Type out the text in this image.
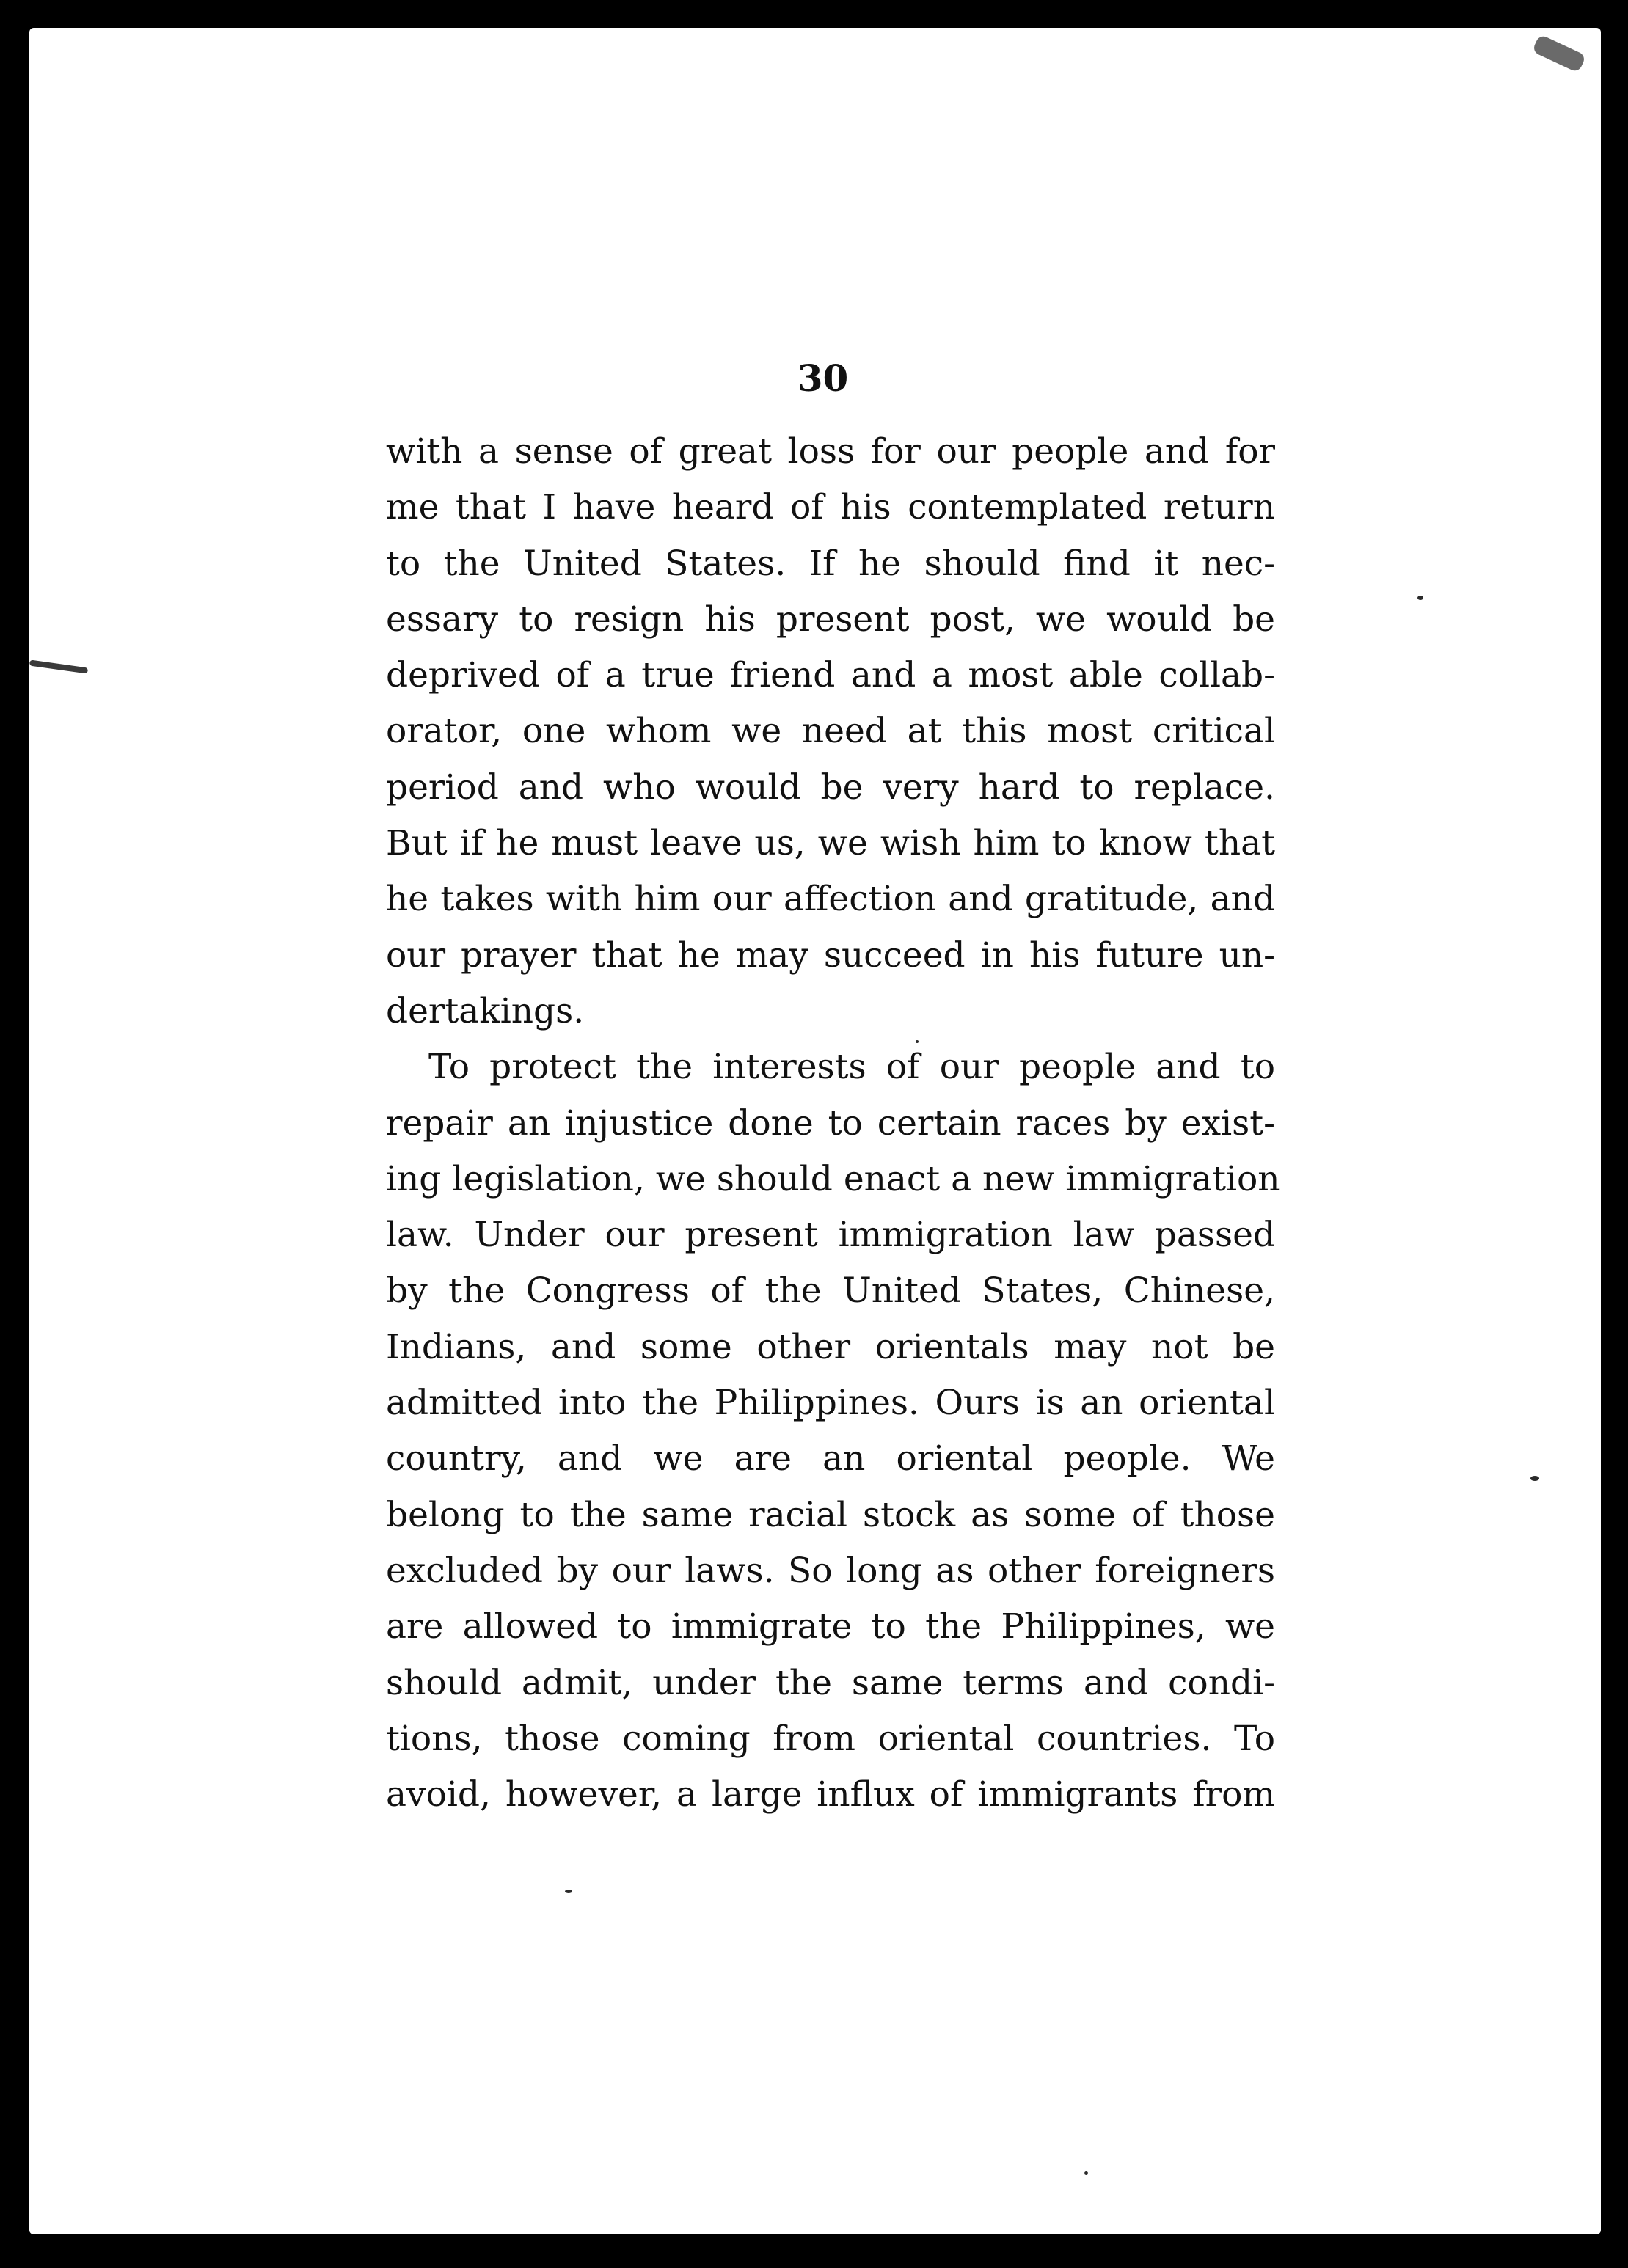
30
with a sense of great loss for our people and for
me that I have heard of his contemplated return
to the United States. If he should find it nec-
essary to resign his present post, we would be
deprived of a true friend and a most able collab-
orator, one whom we need at this most critical
period and who would be very hard to replace.
But if he must leave us, we wish him to know that
he takes with him our affection and gratitude, and
our prayer that he may succeed in his future un-
dertakings.
To protect the interests of our people and to
repair an injustice done to certain races by exist-
ing legislation, we should enact a new immigration
law. Under our present immigration law passed
by the Congress of the United States, Chinese,
Indians, and some other orientals may not be
admitted into the Philippines. Ours is an oriental
country, and we are an oriental people. We
belong to the same racial stock as some of those
excluded by our laws. So long as other foreigners
are allowed to immigrate to the Philippines, we
should admit, under the same terms and condi-
tions, those coming from oriental countries. To
avoid, however, a large influx of immigrants from
